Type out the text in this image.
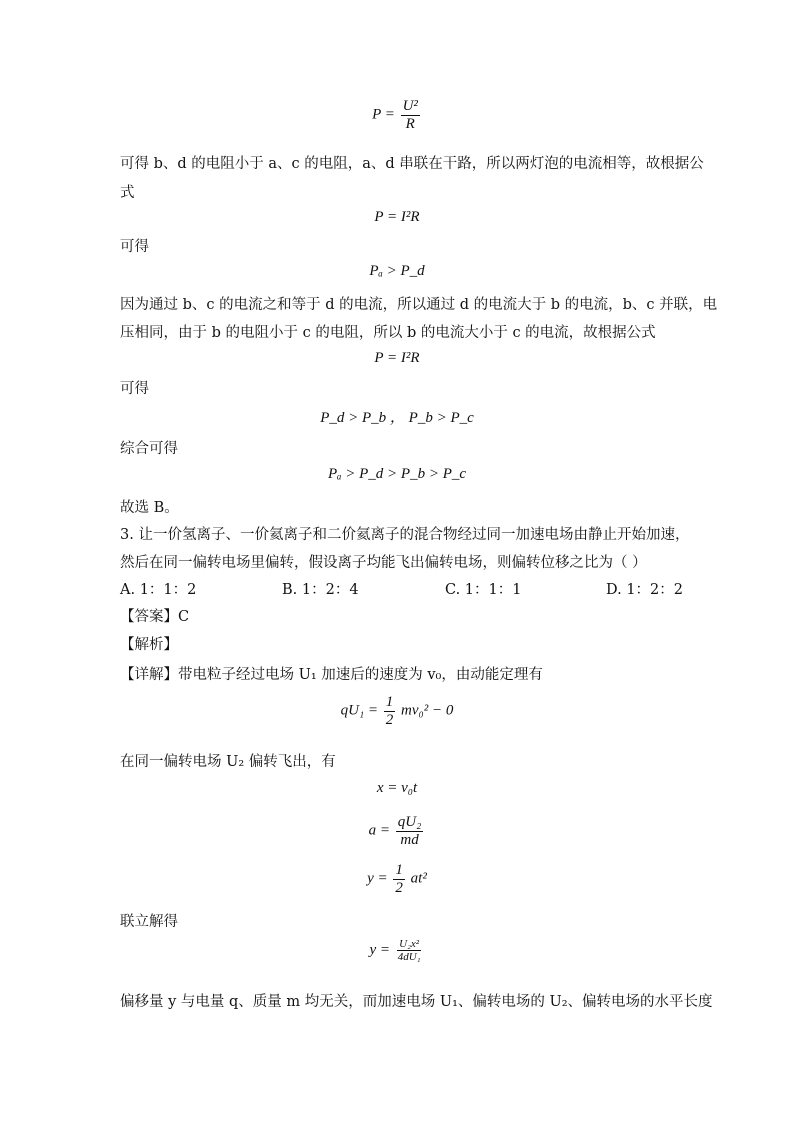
$P = \frac{\text{U²}}{R}$
可得 b、d 的电阻小于 a、c 的电阻，a、d 串联在干路，所以两灯泡的电流相等，故根据公
式
P = I²R
可得
Pₐ > P_d
因为通过 b、c 的电流之和等于 d 的电流，所以通过 d 的电流大于 b 的电流，b、c 并联，电
压相同，由于 b 的电阻小于 c 的电阻，所以 b 的电流大小于 c 的电流，故根据公式
P = I²R
可得
P_d > P_b ， P_b > P_c
综合可得
Pₐ > P_d > P_b > P_c
故选 B。
3. 让一价氢离子、一价氦离子和二价氦离子的混合物经过同一加速电场由静止开始加速，
然后在同一偏转电场里偏转，假设离子均能飞出偏转电场，则偏转位移之比为（ ）
A. 1：1：2	B. 1：2：4	C. 1：1：1	D. 1：2：2
【答案】C
【解析】
【详解】带电粒子经过电场 U₁ 加速后的速度为 v₀，由动能定理有
$qU_1 = \frac{1}{2} mv_0^2 - 0$
在同一偏转电场 U₂ 偏转飞出，有
x = v₀t
$a = \frac{\text{qU₂}}{md}$
$y = \frac{1}{2} at^2$
联立解得
$y = \frac{\text{U₂x²}}{\text{4dU₁}}$
偏移量 y 与电量 q、质量 m 均无关，而加速电场 U₁、偏转电场的 U₂、偏转电场的水平长度
